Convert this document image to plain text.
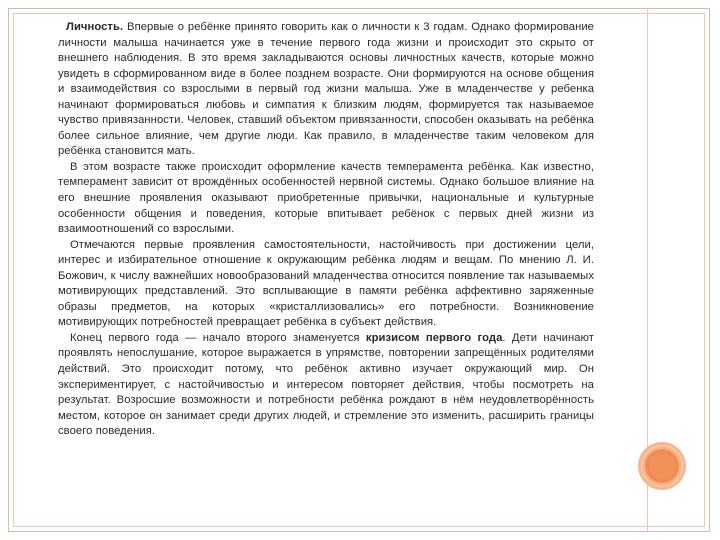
Личность. Впервые о ребёнке принято говорить как о личности к 3 годам. Однако формирование личности малыша начинается уже в течение первого года жизни и происходит это скрыто от внешнего наблюдения. В это время закладываются основы личностных качеств, которые можно увидеть в сформированном виде в более позднем возрасте. Они формируются на основе общения и взаимодействия со взрослыми в первый год жизни малыша. Уже в младенчестве у ребенка начинают формироваться любовь и симпатия к близким людям, формируется так называемое чувство привязанности. Человек, ставший объектом привязанности, способен оказывать на ребёнка более сильное влияние, чем другие люди. Как правило, в младенчестве таким человеком для ребёнка становится мать.

В этом возрасте также происходит оформление качеств темперамента ребёнка. Как известно, темперамент зависит от врождённых особенностей нервной системы. Однако большое влияние на его внешние проявления оказывают приобретенные привычки, национальные и культурные особенности общения и поведения, которые впитывает ребёнок с первых дней жизни из взаимоотношений со взрослыми.

Отмечаются первые проявления самостоятельности, настойчивость при достижении цели, интерес и избирательное отношение к окружающим ребёнка людям и вещам. По мнению Л. И. Божович, к числу важнейших новообразований младенчества относится появление так называемых мотивирующих представлений. Это всплывающие в памяти ребёнка аффективно заряженные образы предметов, на которых «кристаллизовались» его потребности. Возникновение мотивирующих потребностей превращает ребёнка в субъект действия.

Конец первого года — начало второго знаменуется кризисом первого года. Дети начинают проявлять непослушание, которое выражается в упрямстве, повторении запрещённых родителями действий. Это происходит потому, что ребёнок активно изучает окружающий мир. Он экспериментирует, с настойчивостью и интересом повторяет действия, чтобы посмотреть на результат. Возросшие возможности и потребности ребёнка рождают в нём неудовлетворённость местом, которое он занимает среди других людей, и стремление это изменить, расширить границы своего поведения.
